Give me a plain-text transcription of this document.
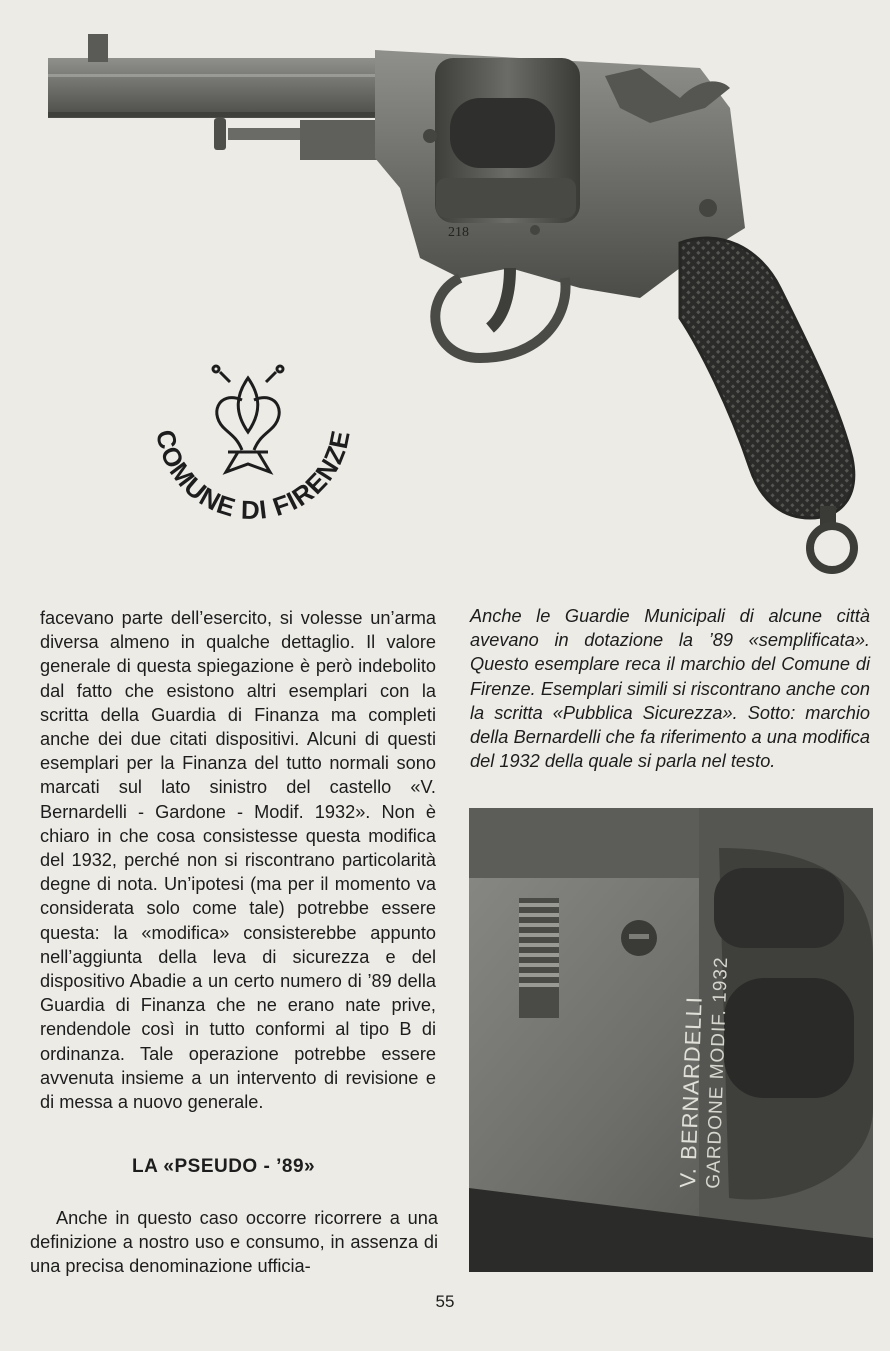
218
COMUNE DI FIRENZE

facevano parte dell’esercito, si volesse un’arma diversa almeno in qualche dettaglio. Il valore generale di questa spiegazione è però indebolito dal fatto che esistono altri esemplari con la scritta della Guardia di Finanza ma completi anche dei due citati dispositivi. Alcuni di questi esemplari per la Finanza del tutto normali sono marcati sul lato sinistro del castello «V. Bernardelli - Gardone - Modif. 1932». Non è chiaro in che cosa consistesse questa modifica del 1932, perché non si riscontrano particolarità degne di nota. Un’ipotesi (ma per il momento va considerata solo come tale) potrebbe essere questa: la «modifica» consisterebbe appunto nell’aggiunta della leva di sicurezza e del dispositivo Abadie a un certo numero di ’89 della Guardia di Finanza che ne erano nate prive, rendendole così in tutto conformi al tipo B di ordinanza. Tale operazione potrebbe essere avvenuta insieme a un intervento di revisione e di messa a nuovo generale.

LA «PSEUDO - ’89»

Anche in questo caso occorre ricorrere a una definizione a nostro uso e consumo, in assenza di una precisa denominazione ufficia-

Anche le Guardie Municipali di alcune città avevano in dotazione la ’89 «semplificata». Questo esemplare reca il marchio del Comune di Firenze. Esemplari simili si riscontrano anche con la scritta «Pubblica Sicurezza». Sotto: marchio della Bernardelli che fa riferimento a una modifica del 1932 della quale si parla nel testo.

V. BERNARDELLI
GARDONE MODIF. 1932
55
